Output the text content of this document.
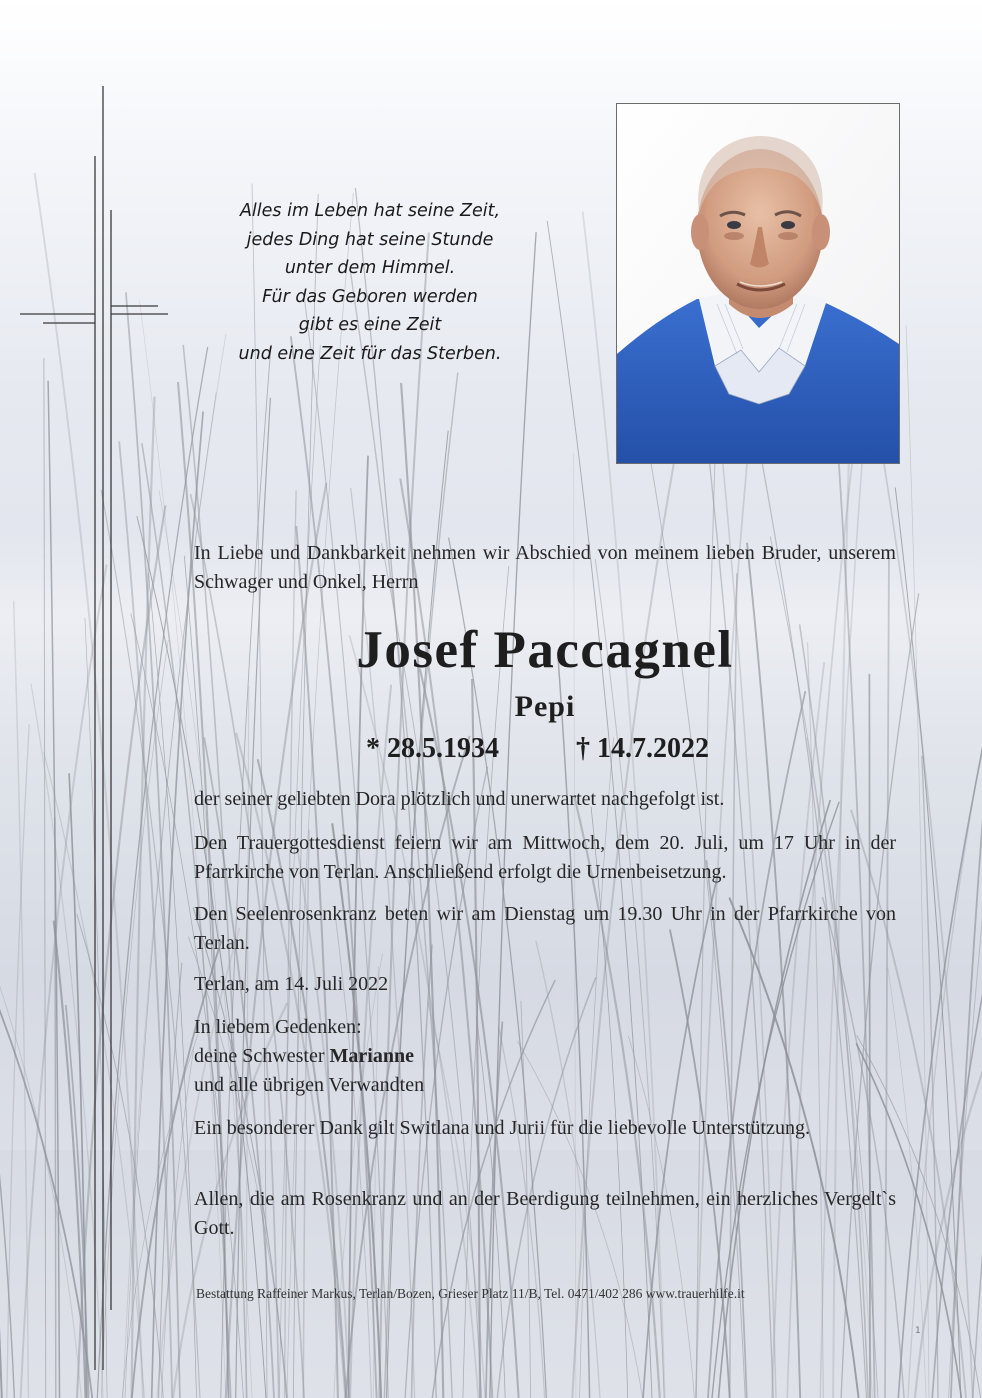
Alles im Leben hat seine Zeit,
jedes Ding hat seine Stunde
unter dem Himmel.
Für das Geboren werden
gibt es eine Zeit
und eine Zeit für das Sterben.
In Liebe und Dankbarkeit nehmen wir Abschied von meinem lieben Bruder, unserem Schwager und Onkel, Herrn
Josef Paccagnel
Pepi
* 28.5.1934	† 14.7.2022
der seiner geliebten Dora plötzlich und unerwartet nachgefolgt ist.
Den Trauergottesdienst feiern wir am Mittwoch, dem 20. Juli, um 17 Uhr in der Pfarrkirche von Terlan. Anschließend erfolgt die Urnenbeisetzung.
Den Seelenrosenkranz beten wir am Dienstag um 19.30 Uhr in der Pfarrkirche von Terlan.
Terlan, am 14. Juli 2022
In liebem Gedenken:
deine Schwester Marianne
und alle übrigen Verwandten
Ein besonderer Dank gilt Switlana und Jurii für die liebevolle Unterstützung.
Allen, die am Rosenkranz und an der Beerdigung teilnehmen, ein herzliches Vergelt`s Gott.
Bestattung Raffeiner Markus, Terlan/Bozen, Grieser Platz 11/B, Tel. 0471/402 286 www.trauerhilfe.it
1
